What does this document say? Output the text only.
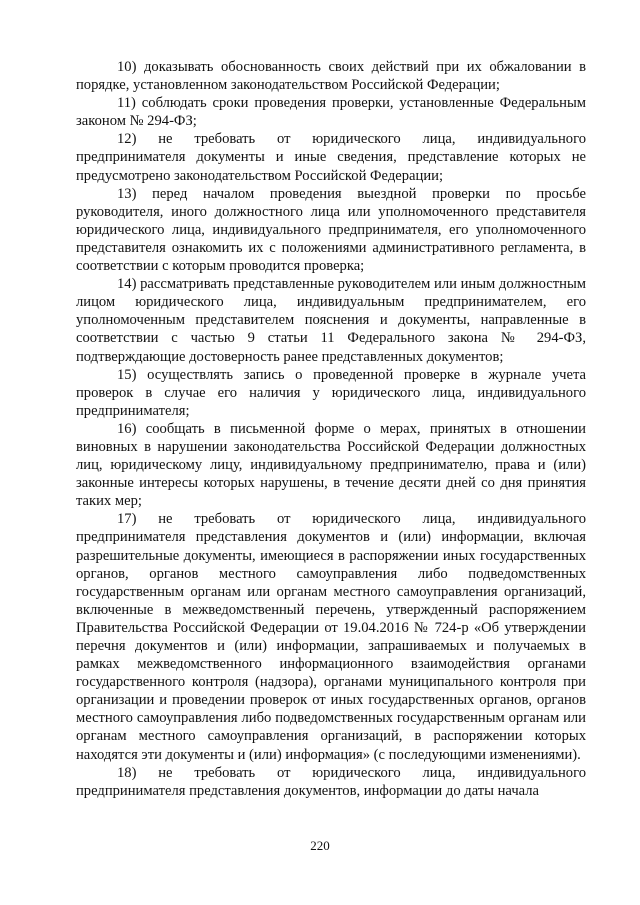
10) доказывать обоснованность своих действий при их обжаловании в порядке, установленном законодательством Российской Федерации;

11) соблюдать сроки проведения проверки, установленные Федеральным законом № 294-ФЗ;

12) не требовать от юридического лица, индивидуального предпринимателя документы и иные сведения, представление которых не предусмотрено законодательством Российской Федерации;

13) перед началом проведения выездной проверки по просьбе руководителя, иного должностного лица или уполномоченного представителя юридического лица, индивидуального предпринимателя, его уполномоченного представителя ознакомить их с положениями административного регламента, в соответствии с которым проводится проверка;

14) рассматривать представленные руководителем или иным должностным лицом юридического лица, индивидуальным предпринимателем, его уполномоченным представителем пояснения и документы, направленные в соответствии с частью 9 статьи 11 Федерального закона № 294-ФЗ, подтверждающие достоверность ранее представленных документов;

15) осуществлять запись о проведенной проверке в журнале учета проверок в случае его наличия у юридического лица, индивидуального предпринимателя;

16) сообщать в письменной форме о мерах, принятых в отношении виновных в нарушении законодательства Российской Федерации должностных лиц, юридическому лицу, индивидуальному предпринимателю, права и (или) законные интересы которых нарушены, в течение десяти дней со дня принятия таких мер;

17) не требовать от юридического лица, индивидуального предпринимателя представления документов и (или) информации, включая разрешительные документы, имеющиеся в распоряжении иных государственных органов, органов местного самоуправления либо подведомственных государственным органам или органам местного самоуправления организаций, включенные в межведомственный перечень, утвержденный распоряжением Правительства Российской Федерации от 19.04.2016 № 724-р «Об утверждении перечня документов и (или) информации, запрашиваемых и получаемых в рамках межведомственного информационного взаимодействия органами государственного контроля (надзора), органами муниципального контроля при организации и проведении проверок от иных государственных органов, органов местного самоуправления либо подведомственных государственным органам или органам местного самоуправления организаций, в распоряжении которых находятся эти документы и (или) информация» (с последующими изменениями).

18) не требовать от юридического лица, индивидуального предпринимателя представления документов, информации до даты начала

220
